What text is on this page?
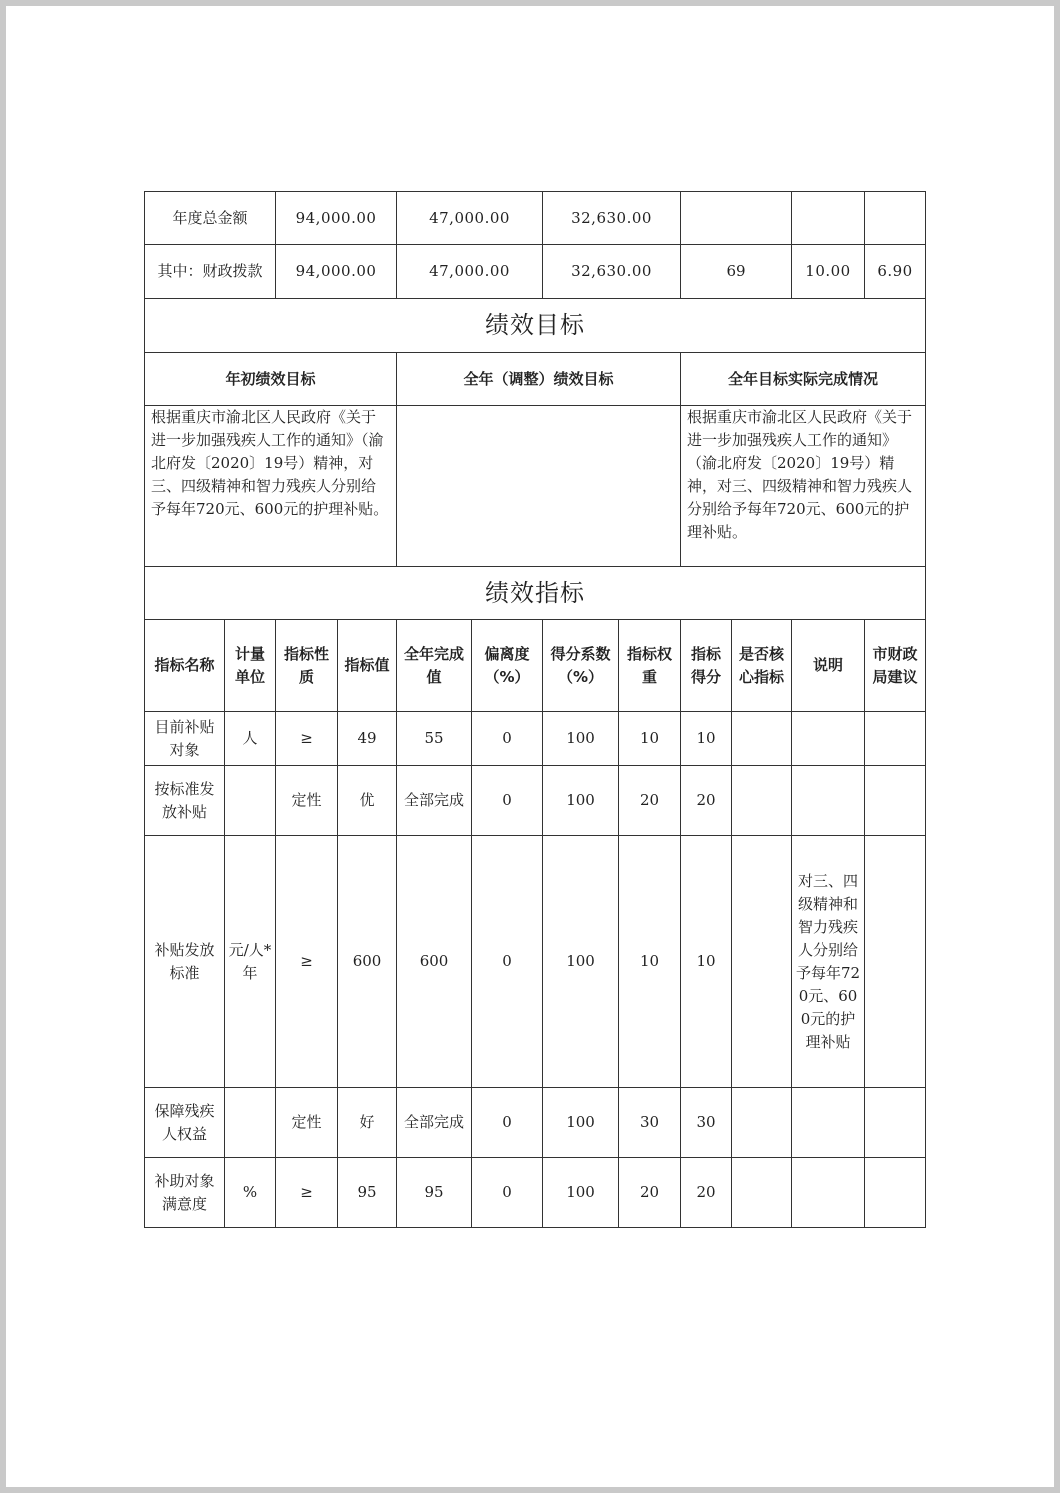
年度总金额		94,000.00		47,000.00		32,630.00					
其中：财政拨款		94,000.00		47,000.00		32,630.00		69		10.00	6.90
绩效目标											
年初绩效目标				全年（调整）绩效目标				全年目标实际完成情况			
根据重庆市渝北区人民政府《关于进一步加强残疾人工作的通知》（渝北府发〔2020〕19号）精神，对三、四级精神和智力残疾人分别给予每年720元、600元的护理补贴。								根据重庆市渝北区人民政府《关于进一步加强残疾人工作的通知》（渝北府发〔2020〕19号）精神，对三、四级精神和智力残疾人分别给予每年720元、600元的护理补贴。			
绩效指标											
指标名称	计量单位	指标性质	指标值	全年完成值	偏离度（%）	得分系数（%）	指标权重	指标得分	是否核心指标	说明	市财政局建议
目前补贴对象	人	≥	49	55	0	100	10	10			
按标准发放补贴		定性	优	全部完成	0	100	20	20			
补贴发放标准	元/人*年	≥	600	600	0	100	10	10		对三、四级精神和智力残疾人分别给予每年720元、600元的护理补贴	
保障残疾人权益		定性	好	全部完成	0	100	30	30			
补助对象满意度	%	≥	95	95	0	100	20	20			
